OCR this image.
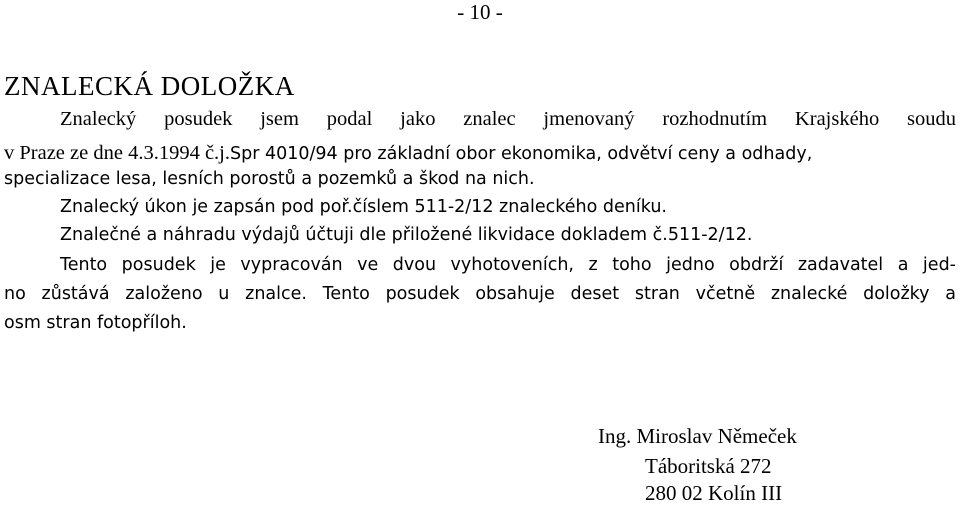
- 10 -
ZNALECKÁ DOLOŽKA
Znalecký posudek jsem podal jako znalec jmenovaný rozhodnutím Krajského soudu
v Praze ze dne 4.3.1994 č.j.Spr 4010/94 pro základní obor ekonomika, odvětví ceny a odhady,
specializace lesa, lesních porostů a pozemků a škod na nich.
Znalecký úkon je zapsán pod poř.číslem 511-2/12 znaleckého deníku.
Znalečné a náhradu výdajů účtuji dle přiložené likvidace dokladem č.511-2/12.
Tento posudek je vypracován ve dvou vyhotoveních, z toho jedno obdrží zadavatel a jed-
no zůstává založeno u znalce. Tento posudek obsahuje deset stran včetně znalecké doložky a
osm stran fotopříloh.
Ing. Miroslav Němeček
Táboritská 272
280 02 Kolín III
